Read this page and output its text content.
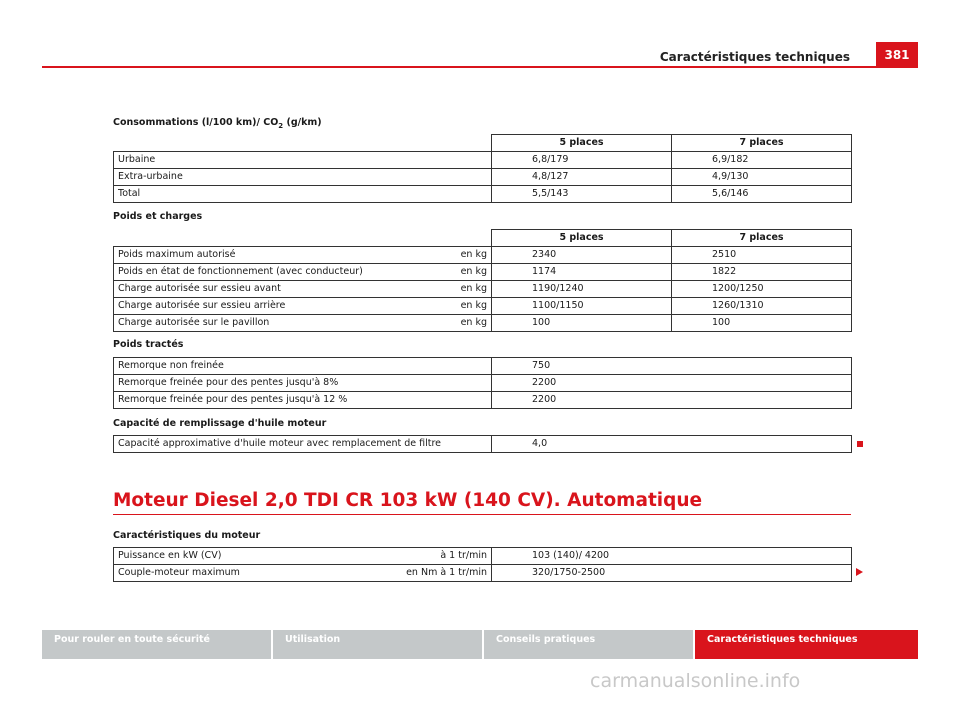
Caractéristiques techniques	381
Consommations (l/100 km)/ $CO_2$ (g/km)
	5 places	7 places
Urbaine	6,8/179	6,9/182
Extra-urbaine	4,8/127	4,9/130
Total	5,5/143	5,6/146
Poids et charges
		5 places	7 places
Poids maximum autorisé	en kg	2340	2510
Poids en état de fonctionnement (avec conducteur)	en kg	1174	1822
Charge autorisée sur essieu avant	en kg	1190/1240	1200/1250
Charge autorisée sur essieu arrière	en kg	1100/1150	1260/1310
Charge autorisée sur le pavillon	en kg	100	100
Poids tractés
Remorque non freinée	750
Remorque freinée pour des pentes jusqu'à 8%	2200
Remorque freinée pour des pentes jusqu'à 12 %	2200
Capacité de remplissage d'huile moteur
Capacité approximative d'huile moteur avec remplacement de filtre	4,0
Moteur Diesel 2,0 TDI CR 103 kW (140 CV). Automatique
Caractéristiques du moteur
Puissance en kW (CV)	à 1 tr/min	103 (140)/ 4200
Couple-moteur maximum	en Nm à 1 tr/min	320/1750-2500
Pour rouler en toute sécurité	Utilisation	Conseils pratiques	Caractéristiques techniques
carmanualsonline.info
